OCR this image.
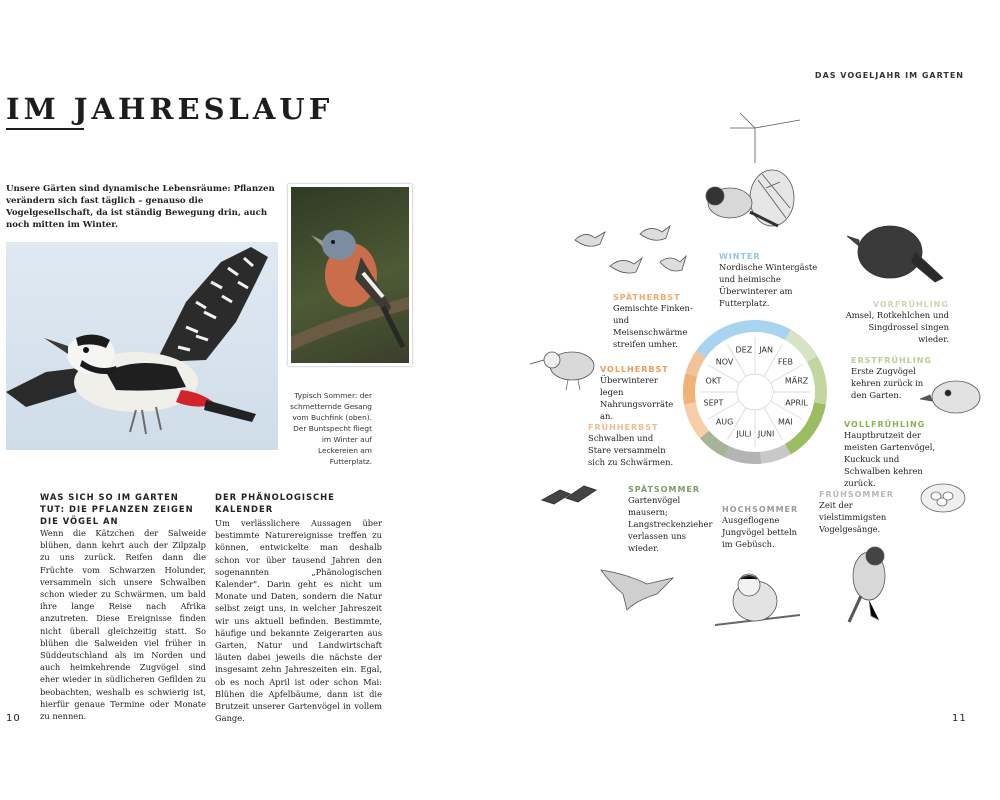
IM JAHRESLAUF
Unsere Gärten sind dynamische Lebensräume: Pflanzen verändern sich fast täglich – genauso die Vogelgesellschaft, da ist ständig Bewegung drin, auch noch mitten im Winter.
Typisch Sommer: der schmetternde Gesang vom Buchfink (oben). Der Buntspecht fliegt im Winter auf Leckereien am Futterplatz.
WAS SICH SO IM GARTEN TUT: DIE PFLANZEN ZEIGEN DIE VÖGEL AN
Wenn die Kätzchen der Salweide blühen, dann kehrt auch der Zilpzalp zu uns zurück. Reifen dann die Früchte vom Schwarzen Holunder, versammeln sich unsere Schwalben schon wieder zu Schwärmen, um bald ihre lange Reise nach Afrika anzutreten. Diese Ereignisse finden nicht überall gleichzeitig statt. So blühen die Salweiden viel früher in Süddeutschland als im Norden und auch heimkehrende Zugvögel sind eher wieder in südlicheren Gefilden zu beobachten, weshalb es schwierig ist, hierfür genaue Termine oder Monate zu nennen.
DER PHÄNOLOGISCHE KALENDER
Um verlässlichere Aussagen über bestimmte Naturereignisse treffen zu können, entwickelte man deshalb schon vor über tausend Jahren den sogenannten „Phänologischen Kalender". Darin geht es nicht um Monate und Daten, sondern die Natur selbst zeigt uns, in welcher Jahreszeit wir uns aktuell befinden. Bestimmte, häufige und bekannte Zeigerarten aus Garten, Natur und Landwirtschaft läuten dabei jeweils die nächste der insgesamt zehn Jahreszeiten ein. Egal, ob es noch April ist oder schon Mai: Blühen die Apfelbäume, dann ist die Brutzeit unserer Gartenvögel in vollem Gange.
10
DAS VOGELJAHR IM GARTEN
11
JAN
FEB
MÄRZ
APRIL
MAI
JUNI
JULI
AUG
SEPT
OKT
NOV
DEZ
WINTER
Nordische Wintergäste und heimische Überwinterer am Futterplatz.	VORFRÜHLING
Amsel, Rotkehlchen und Singdrossel singen wieder.
ERSTFRÜHLING
Erste Zugvögel kehren zurück in den Garten.
VOLLFRÜHLING
Hauptbrutzeit der meisten Gartenvögel, Kuckuck und Schwalben kehren zurück.
FRÜHSOMMER
Zeit der vielstimmigsten Vogelgesänge.
HOCHSOMMER
Ausgeflogene Jungvögel betteln im Gebüsch.
SPÄTSOMMER
Gartenvögel mausern; Langstreckenzieher verlassen uns wieder.
FRÜHHERBST
Schwalben und Stare versammeln sich zu Schwärmen.
VOLLHERBST
Überwinterer legen Nahrungsvorräte an.
SPÄTHERBST
Gemischte Finken- und Meisenschwärme streifen umher.
